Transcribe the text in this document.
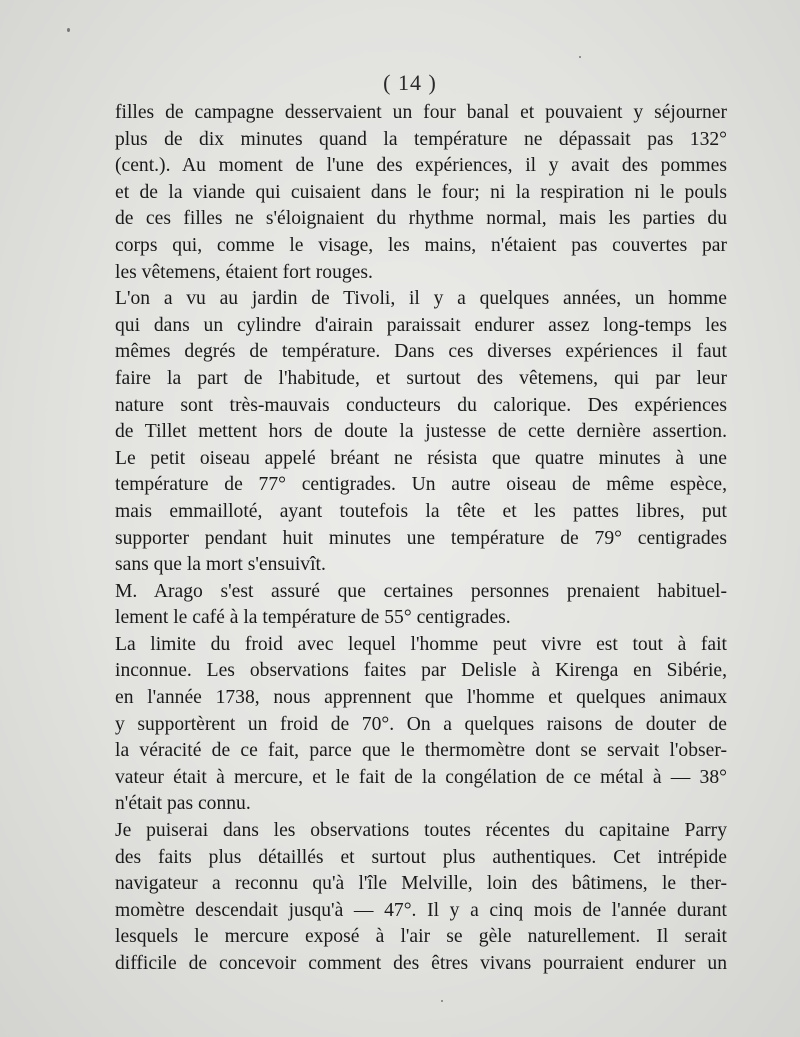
( 14 )
filles de campagne desservaient un four banal et pouvaient y séjourner
plus de dix minutes quand la température ne dépassait pas 132°
(cent.). Au moment de l'une des expériences, il y avait des pommes
et de la viande qui cuisaient dans le four; ni la respiration ni le pouls
de ces filles ne s'éloignaient du rhythme normal, mais les parties du
corps qui, comme le visage, les mains, n'étaient pas couvertes par
les vêtemens, étaient fort rouges.
L'on a vu au jardin de Tivoli, il y a quelques années, un homme
qui dans un cylindre d'airain paraissait endurer assez long-temps les
mêmes degrés de température. Dans ces diverses expériences il faut
faire la part de l'habitude, et surtout des vêtemens, qui par leur
nature sont très-mauvais conducteurs du calorique. Des expériences
de Tillet mettent hors de doute la justesse de cette dernière assertion.
Le petit oiseau appelé bréant ne résista que quatre minutes à une
température de 77° centigrades. Un autre oiseau de même espèce,
mais emmailloté, ayant toutefois la tête et les pattes libres, put
supporter pendant huit minutes une température de 79° centigrades
sans que la mort s'ensuivît.
M. Arago s'est assuré que certaines personnes prenaient habituel-
lement le café à la température de 55° centigrades.
La limite du froid avec lequel l'homme peut vivre est tout à fait
inconnue. Les observations faites par Delisle à Kirenga en Sibérie,
en l'année 1738, nous apprennent que l'homme et quelques animaux
y supportèrent un froid de 70°. On a quelques raisons de douter de
la véracité de ce fait, parce que le thermomètre dont se servait l'obser-
vateur était à mercure, et le fait de la congélation de ce métal à — 38°
n'était pas connu.
Je puiserai dans les observations toutes récentes du capitaine Parry
des faits plus détaillés et surtout plus authentiques. Cet intrépide
navigateur a reconnu qu'à l'île Melville, loin des bâtimens, le ther-
momètre descendait jusqu'à — 47°. Il y a cinq mois de l'année durant
lesquels le mercure exposé à l'air se gèle naturellement. Il serait
difficile de concevoir comment des êtres vivans pourraient endurer un
